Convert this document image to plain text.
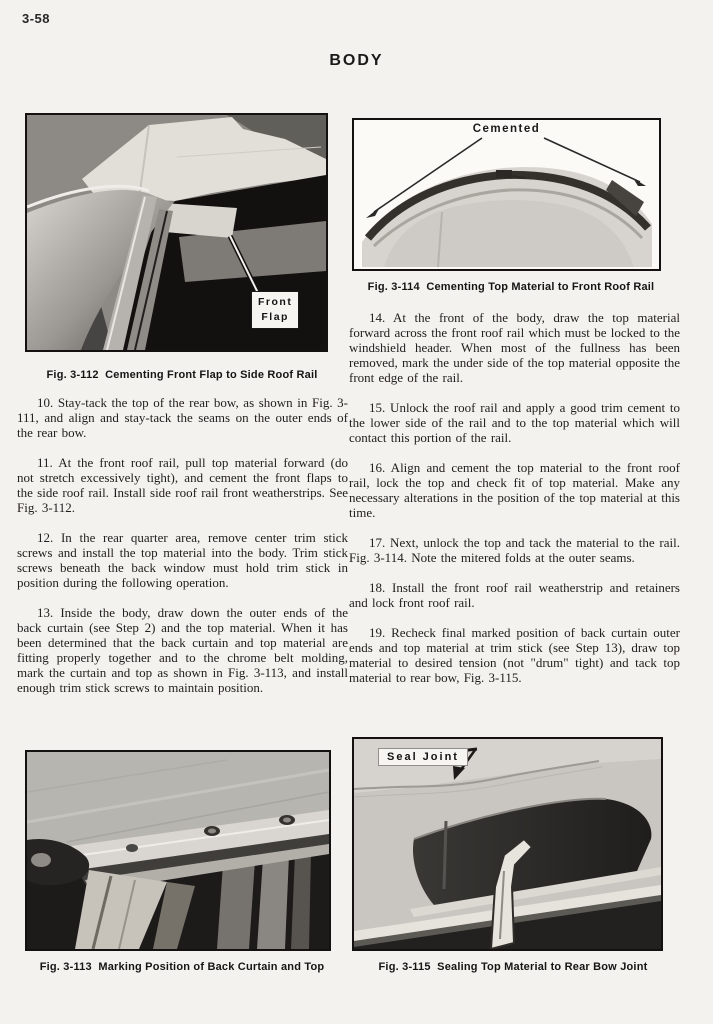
3-58
BODY
Front
Flap
Fig. 3-112  Cementing Front Flap to Side Roof Rail
Cemented
Fig. 3-114  Cementing Top Material to Front Roof Rail

10. Stay-tack the top of the rear bow, as shown in Fig. 3-111, and align and stay-tack the seams on the outer ends of the rear bow.

11. At the front roof rail, pull top material forward (do not stretch excessively tight), and cement the front flaps to the side roof rail. Install side roof rail front weatherstrips. See Fig. 3-112.

12. In the rear quarter area, remove center trim stick screws and install the top material into the body. Trim stick screws beneath the back window must hold trim stick in position during the following operation.

13. Inside the body, draw down the outer ends of the back curtain (see Step 2) and the top material. When it has been determined that the back curtain and top material are fitting properly together and to the chrome belt molding, mark the curtain and top as shown in Fig. 3-113, and install enough trim stick screws to maintain position.

14. At the front of the body, draw the top material forward across the front roof rail which must be locked to the windshield header. When most of the fullness has been removed, mark the under side of the top material opposite the front edge of the rail.

15. Unlock the roof rail and apply a good trim cement to the lower side of the rail and to the top material which will contact this portion of the rail.

16. Align and cement the top material to the front roof rail, lock the top and check fit of top material. Make any necessary alterations in the position of the top material at this time.

17. Next, unlock the top and tack the material to the rail. Fig. 3-114. Note the mitered folds at the outer seams.

18. Install the front roof rail weatherstrip and retainers and lock front roof rail.

19. Recheck final marked position of back curtain outer ends and top material at trim stick (see Step 13), draw top material to desired tension (not "drum" tight) and tack top material to rear bow, Fig. 3-115.

Fig. 3-113  Marking Position of Back Curtain and Top
Seal Joint
Fig. 3-115  Sealing Top Material to Rear Bow Joint
